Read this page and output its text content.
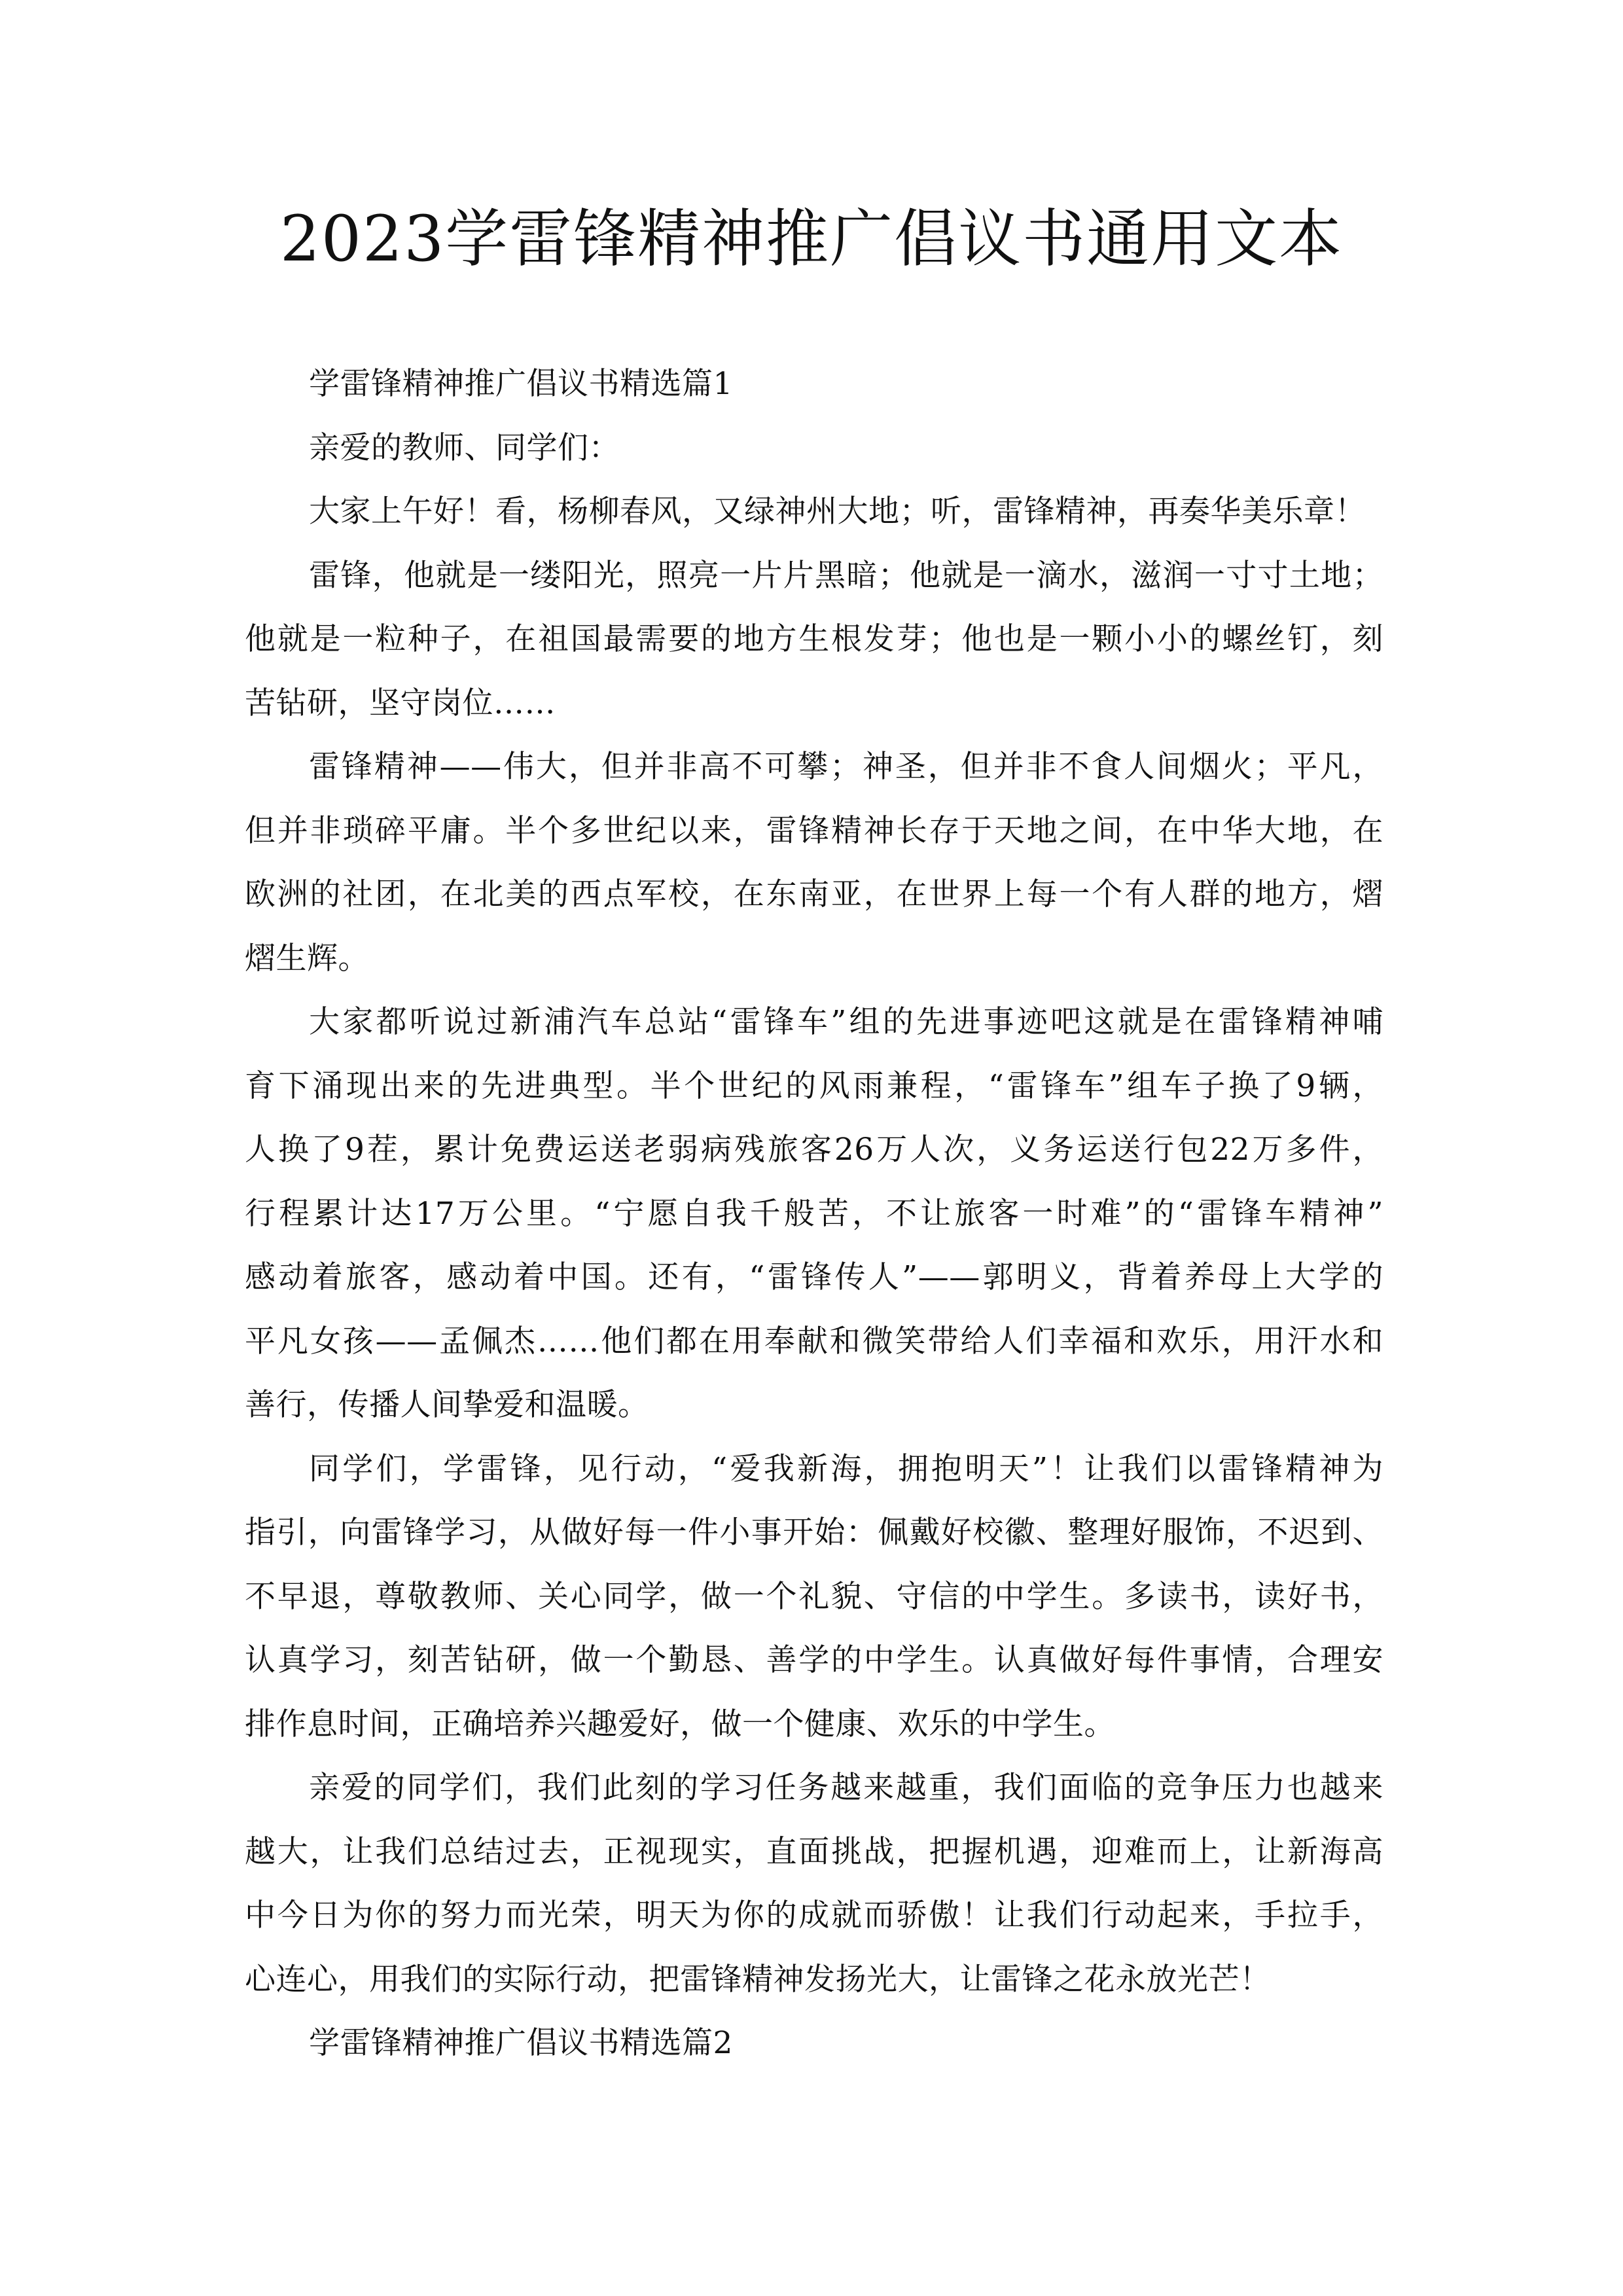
2023学雷锋精神推广倡议书通用文本
学雷锋精神推广倡议书精选篇1
亲爱的教师、同学们：
大家上午好！看，杨柳春风，又绿神州大地；听，雷锋精神，再奏华美乐章！
雷锋，他就是一缕阳光，照亮一片片黑暗；他就是一滴水，滋润一寸寸土地；
他就是一粒种子，在祖国最需要的地方生根发芽；他也是一颗小小的螺丝钉，刻
苦钻研，坚守岗位……
雷锋精神——伟大，但并非高不可攀；神圣，但并非不食人间烟火；平凡，
但并非琐碎平庸。半个多世纪以来，雷锋精神长存于天地之间，在中华大地，在
欧洲的社团，在北美的西点军校，在东南亚，在世界上每一个有人群的地方，熠
熠生辉。
大家都听说过新浦汽车总站“雷锋车”组的先进事迹吧这就是在雷锋精神哺
育下涌现出来的先进典型。半个世纪的风雨兼程，“雷锋车”组车子换了9辆，
人换了9茬，累计免费运送老弱病残旅客26万人次，义务运送行包22万多件，
行程累计达17万公里。“宁愿自我千般苦，不让旅客一时难”的“雷锋车精神”
感动着旅客，感动着中国。还有，“雷锋传人”——郭明义，背着养母上大学的
平凡女孩——孟佩杰……他们都在用奉献和微笑带给人们幸福和欢乐，用汗水和
善行，传播人间挚爱和温暖。
同学们，学雷锋，见行动，“爱我新海，拥抱明天”！让我们以雷锋精神为
指引，向雷锋学习，从做好每一件小事开始：佩戴好校徽、整理好服饰，不迟到、
不早退，尊敬教师、关心同学，做一个礼貌、守信的中学生。多读书，读好书，
认真学习，刻苦钻研，做一个勤恳、善学的中学生。认真做好每件事情，合理安
排作息时间，正确培养兴趣爱好，做一个健康、欢乐的中学生。
亲爱的同学们，我们此刻的学习任务越来越重，我们面临的竞争压力也越来
越大，让我们总结过去，正视现实，直面挑战，把握机遇，迎难而上，让新海高
中今日为你的努力而光荣，明天为你的成就而骄傲！让我们行动起来，手拉手，
心连心，用我们的实际行动，把雷锋精神发扬光大，让雷锋之花永放光芒！
学雷锋精神推广倡议书精选篇2
